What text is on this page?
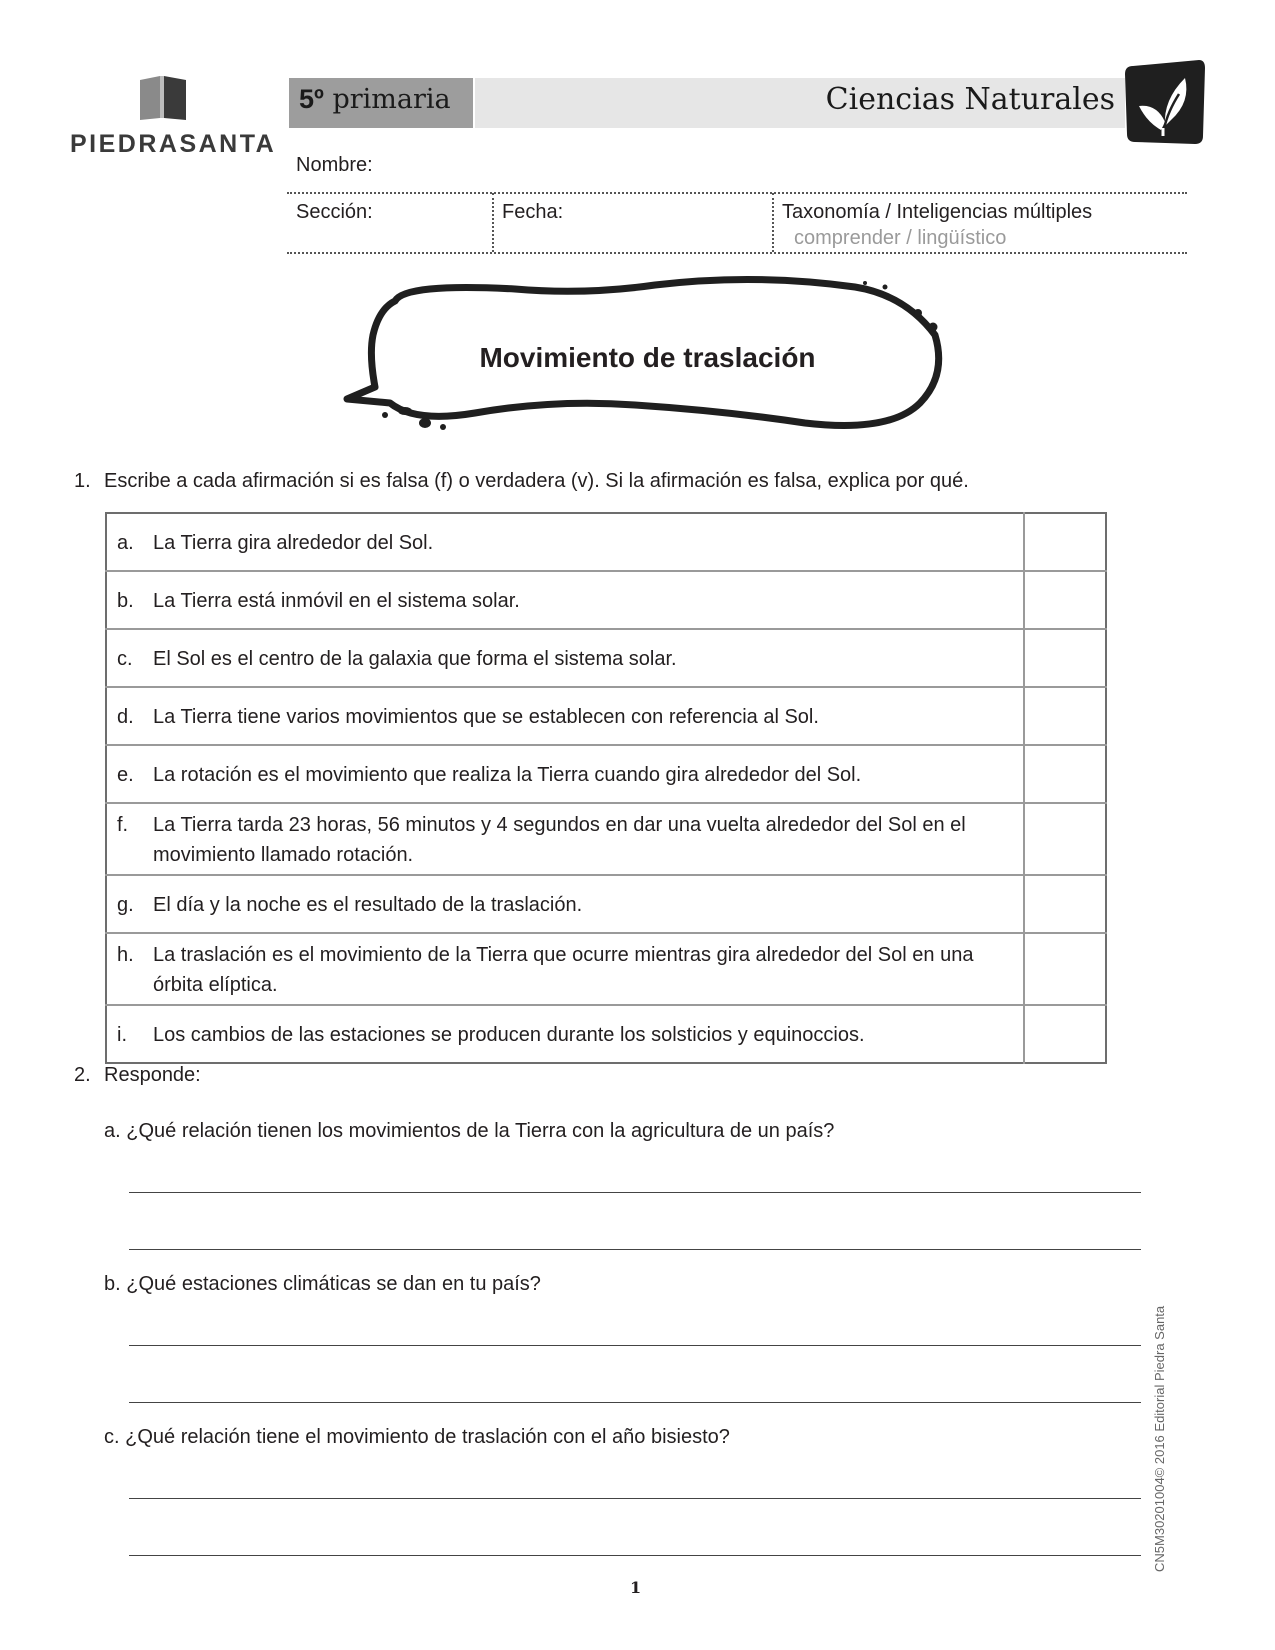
PIEDRASANTA
5º primaria	Ciencias Naturales
Nombre:
Sección:	Fecha:	Taxonomía / Inteligencias múltiples
comprender / lingüístico
Movimiento de traslación
1. Escribe a cada afirmación si es falsa (f) o verdadera (v). Si la afirmación es falsa, explica por qué.
a. La Tierra gira alrededor del Sol.	
b. La Tierra está inmóvil en el sistema solar.	
c. El Sol es el centro de la galaxia que forma el sistema solar.	
d. La Tierra tiene varios movimientos que se establecen con referencia al Sol.	
e. La rotación es el movimiento que realiza la Tierra cuando gira alrededor del Sol.	
f. La Tierra tarda 23 horas, 56 minutos y 4 segundos en dar una vuelta alrededor del Sol en el movimiento llamado rotación.	
g. El día y la noche es el resultado de la traslación.	
h. La traslación es el movimiento de la Tierra que ocurre mientras gira alrededor del Sol en una órbita elíptica.	
i. Los cambios de las estaciones se producen durante los solsticios y equinoccios.	
2. Responde:
a. ¿Qué relación tienen los movimientos de la Tierra con la agricultura de un país?
b. ¿Qué estaciones climáticas se dan en tu país?
c. ¿Qué relación tiene el movimiento de traslación con el año bisiesto?
1
CN5M30201004© 2016 Editorial Piedra Santa
